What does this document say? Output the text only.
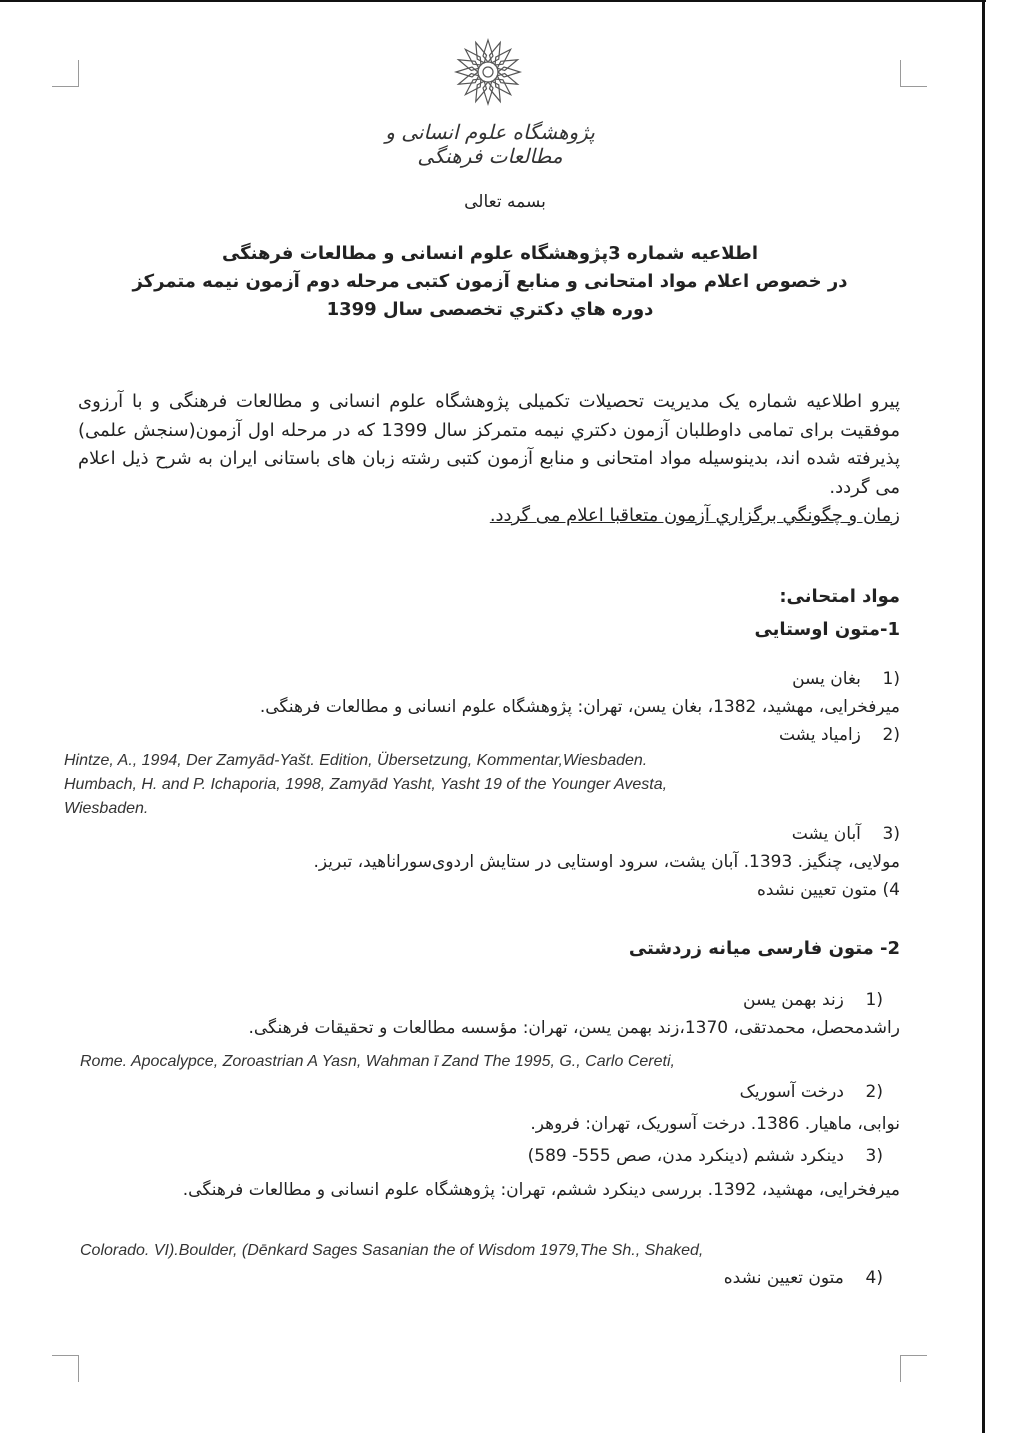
پژوهشگاه علوم انسانی و مطالعات فرهنگی
بسمه تعالی
اطلاعیه شماره 3پژوهشگاه علوم انسانی و مطالعات فرهنگی
در خصوص اعلام مواد امتحانی و منابع آزمون کتبی مرحله دوم آزمون نیمه متمرکز
دوره هاي دكتري تخصصی سال 1399
پیرو اطلاعیه شماره یک مدیریت تحصیلات تکمیلی پژوهشگاه علوم انسانی و مطالعات فرهنگی و با آرزوی موفقیت برای تمامی داوطلبان آزمون دكتري نیمه متمرکز سال 1399 که در مرحله اول آزمون(سنجش علمی) پذیرفته شده اند، بدینوسیله مواد امتحانی و منابع آزمون کتبی رشته زبان های باستانی ایران به شرح ذیل اعلام می گردد.
زمان و چگونگي برگزاري آزمون متعاقبا اعلام می گردد.
مواد امتحانی:
1-متون اوستایی
(1    بغان یسن
میرفخرایی، مهشید، 1382، بغان یسن، تهران: پژوهشگاه علوم انسانی و مطالعات فرهنگی.
(2    زامیاد یشت
Hintze, A., 1994, Der Zamyād-Yašt. Edition, Übersetzung, Kommentar,Wiesbaden.
Humbach, H. and P. Ichaporia, 1998, Zamyād Yasht, Yasht 19 of the Younger Avesta,
Wiesbaden.
(3    آبان یشت
مولایی، چنگیز. 1393. آبان یشت، سرود اوستایی در ستایش اردوی‌سوراناهید، تبریز.
4) متون تعیین نشده
2- متون فارسی میانه زردشتی
(1    زند بهمن یسن
راشدمحصل، محمدتقی، 1370،زند بهمن یسن، تهران: مؤسسه مطالعات و تحقیقات فرهنگی.
Rome. Apocalypce, Zoroastrian A Yasn, Wahman ī Zand The 1995, G., Carlo Cereti,
(2    درخت آسوریک
نوابی، ماهیار. 1386. درخت آسوریک، تهران: فروهر.
(3    دینکرد ششم (دینکرد مدن، صص 555- 589)
میرفخرایی، مهشید، 1392. بررسی دینکرد ششم، تهران: پژوهشگاه علوم انسانی و مطالعات فرهنگی.
Colorado. VI).Boulder, (Dēnkard Sages Sasanian the of Wisdom 1979,The Sh., Shaked,
(4    متون تعیین نشده
